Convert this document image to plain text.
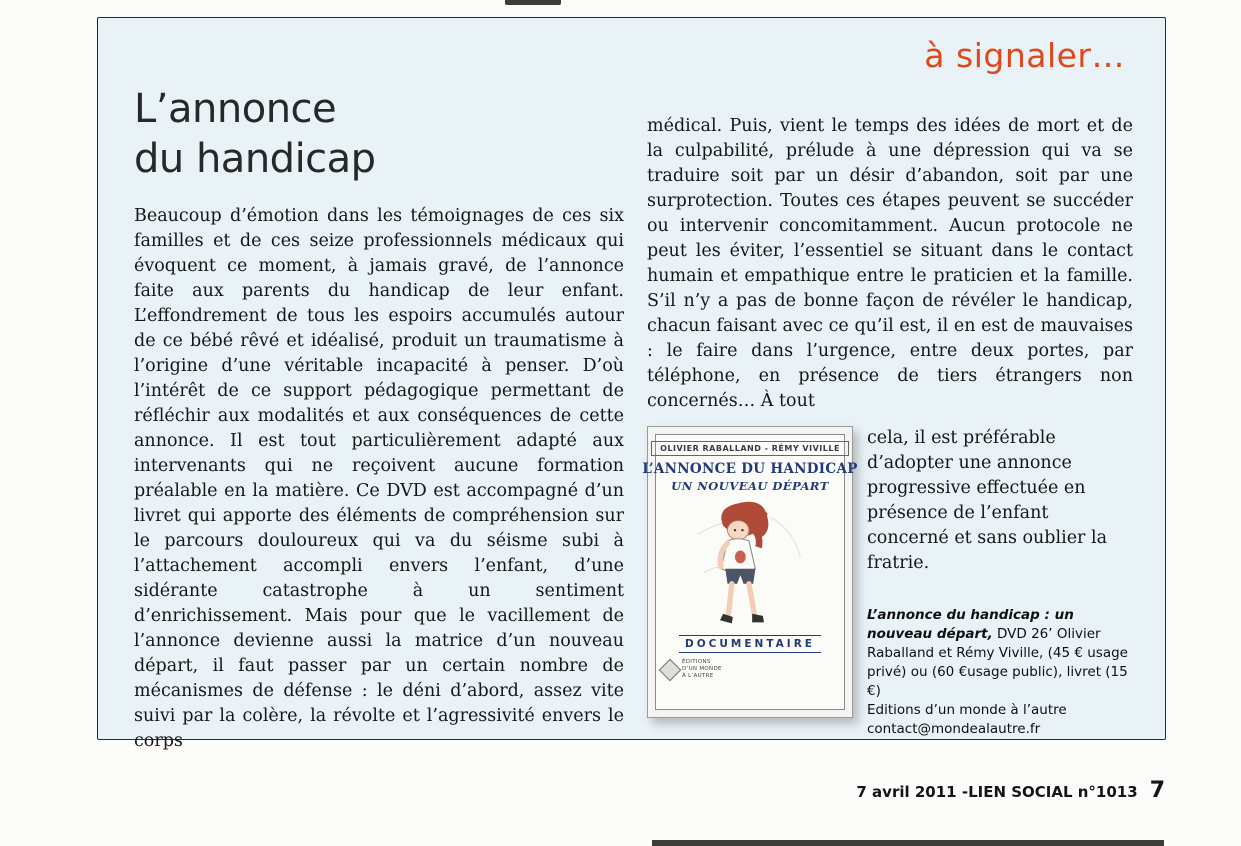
à signaler…
L’annonce
du handicap
Beaucoup d’émotion dans les témoignages de ces six familles et de ces seize professionnels médicaux qui évoquent ce moment, à jamais gravé, de l’annonce faite aux parents du handicap de leur enfant. L’effondrement de tous les espoirs accumulés autour de ce bébé rêvé et idéalisé, produit un traumatisme à l’origine d’une véritable incapacité à penser. D’où l’intérêt de ce support pédagogique permettant de réfléchir aux modalités et aux conséquences de cette annonce. Il est tout particulièrement adapté aux intervenants qui ne reçoivent aucune formation préalable en la matière. Ce DVD est accompagné d’un livret qui apporte des éléments de compréhension sur le parcours douloureux qui va du séisme subi à l’attachement accompli envers l’enfant, d’une sidérante catastrophe à un sentiment d’enrichissement. Mais pour que le vacillement de l’annonce devienne aussi la matrice d’un nouveau départ, il faut passer par un certain nombre de mécanismes de défense : le déni d’abord, assez vite suivi par la colère, la révolte et l’agressivité envers le corps

médical. Puis, vient le temps des idées de mort et de la culpabilité, prélude à une dépression qui va se traduire soit par un désir d’abandon, soit par une surprotection. Toutes ces étapes peuvent se succéder ou intervenir concomitamment. Aucun protocole ne peut les éviter, l’essentiel se situant dans le contact humain et empathique entre le praticien et la famille. S’il n’y a pas de bonne façon de révéler le handicap, chacun faisant avec ce qu’il est, il en est de mauvaises : le faire dans l’urgence, entre deux portes, par téléphone, en présence de tiers étrangers non concernés… À tout

OLIVIER RABALLAND - RÉMY VIVILLE
L’ANNONCE DU HANDICAP
UN NOUVEAU DÉPART
DOCUMENTAIRE
ÉDITIONS
D’UN MONDE
À L’AUTRE

cela, il est préférable d’adopter une annonce progressive effectuée en présence de l’enfant concerné et sans oublier la fratrie.

L’annonce du handicap : un nouveau départ, DVD 26’ Olivier Raballand et Rémy Viville, (45 € usage privé) ou (60 €usage public), livret (15 €)

Editions d’un monde à l’autre

contact@mondealautre.fr

7 avril 2011 - LIEN SOCIAL n°1013 7
